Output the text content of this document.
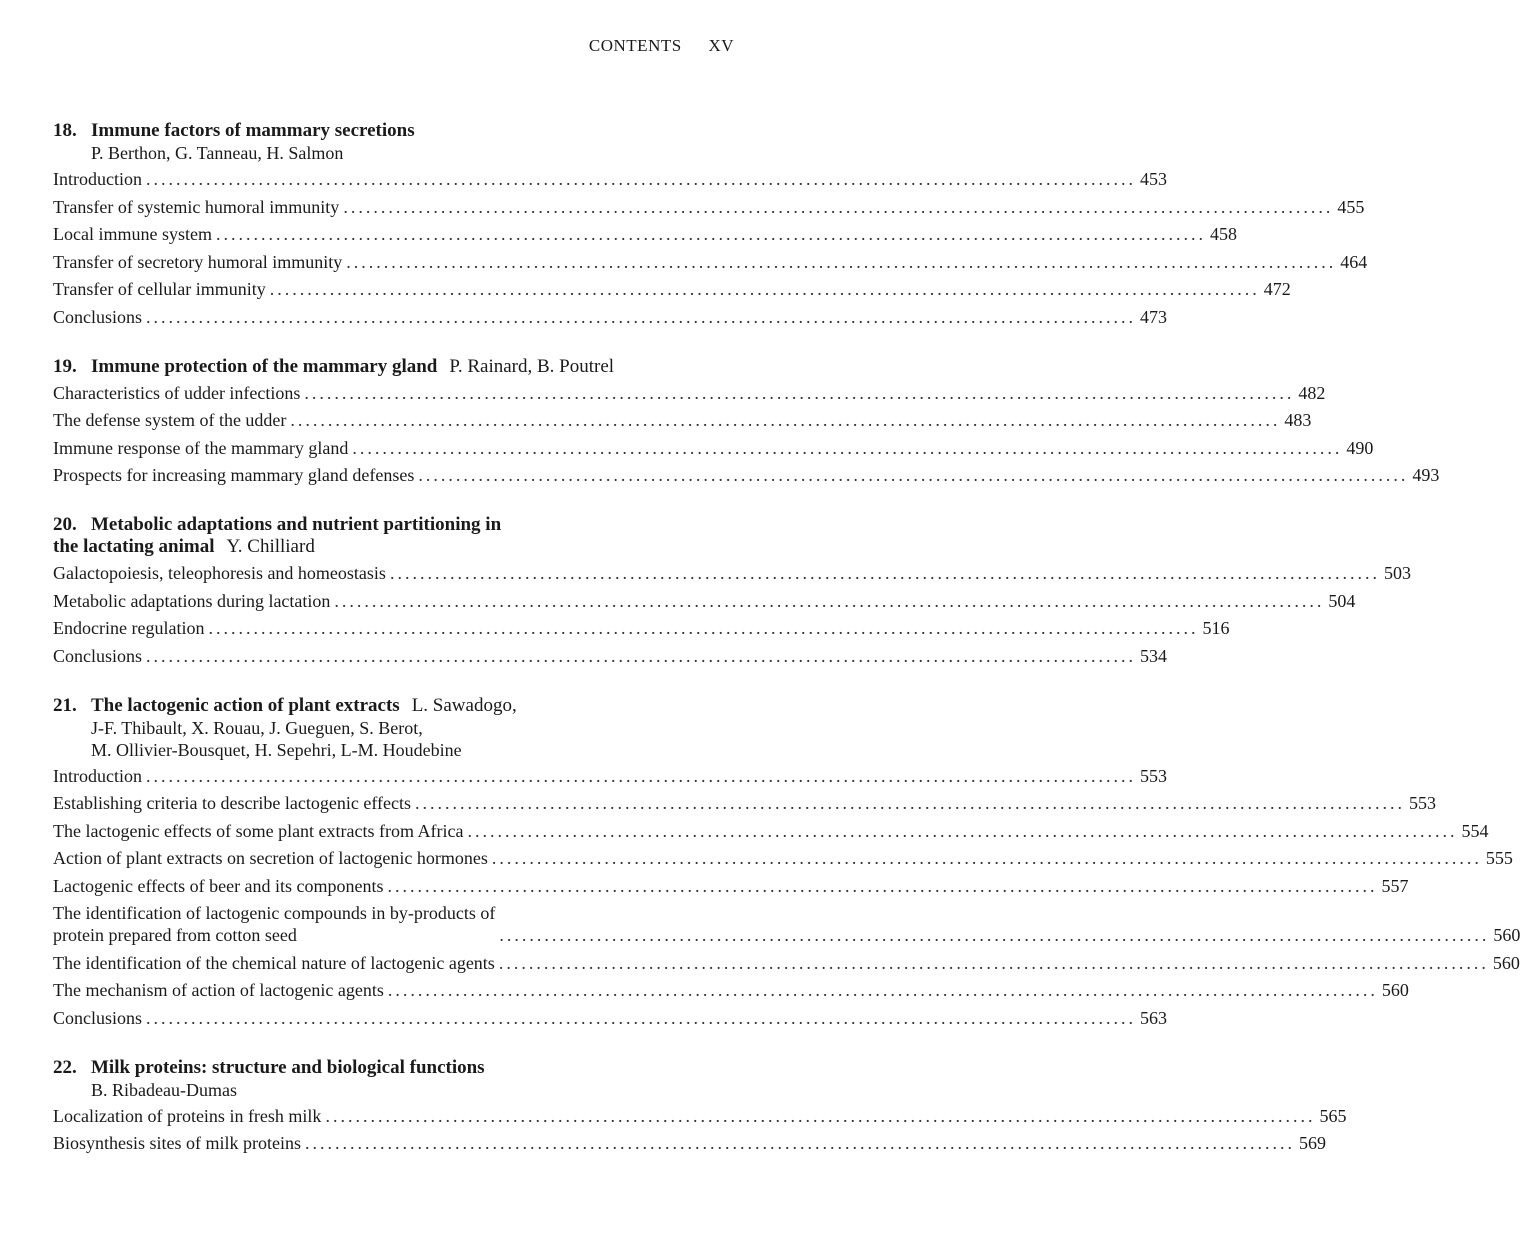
CONTENTS XV
18. Immune factors of mammary secretions
P. Berthon, G. Tanneau, H. Salmon
Introduction .................................................................................................................................... 453
Transfer of systemic humoral immunity .................................................................................................................................... 455
Local immune system .................................................................................................................................... 458
Transfer of secretory humoral immunity .................................................................................................................................... 464
Transfer of cellular immunity .................................................................................................................................... 472
Conclusions .................................................................................................................................... 473
19. Immune protection of the mammary gland P. Rainard, B. Poutrel
Characteristics of udder infections .................................................................................................................................... 482
The defense system of the udder .................................................................................................................................... 483
Immune response of the mammary gland .................................................................................................................................... 490
Prospects for increasing mammary gland defenses .................................................................................................................................... 493
20. Metabolic adaptations and nutrient partitioning in
the lactating animal Y. Chilliard
Galactopoiesis, teleophoresis and homeostasis .................................................................................................................................... 503
Metabolic adaptations during lactation .................................................................................................................................... 504
Endocrine regulation .................................................................................................................................... 516
Conclusions .................................................................................................................................... 534
21. The lactogenic action of plant extracts L. Sawadogo,
J-F. Thibault, X. Rouau, J. Gueguen, S. Berot,
M. Ollivier-Bousquet, H. Sepehri, L-M. Houdebine
Introduction .................................................................................................................................... 553
Establishing criteria to describe lactogenic effects .................................................................................................................................... 553
The lactogenic effects of some plant extracts from Africa .................................................................................................................................... 554
Action of plant extracts on secretion of lactogenic hormones .................................................................................................................................... 555
Lactogenic effects of beer and its components .................................................................................................................................... 557
The identification of lactogenic compounds in by-products of
protein prepared from cotton seed	.................................................................................................................................... 560
The identification of the chemical nature of lactogenic agents .................................................................................................................................... 560
The mechanism of action of lactogenic agents .................................................................................................................................... 560
Conclusions .................................................................................................................................... 563
22. Milk proteins: structure and biological functions
B. Ribadeau-Dumas
Localization of proteins in fresh milk .................................................................................................................................... 565
Biosynthesis sites of milk proteins .................................................................................................................................... 569
